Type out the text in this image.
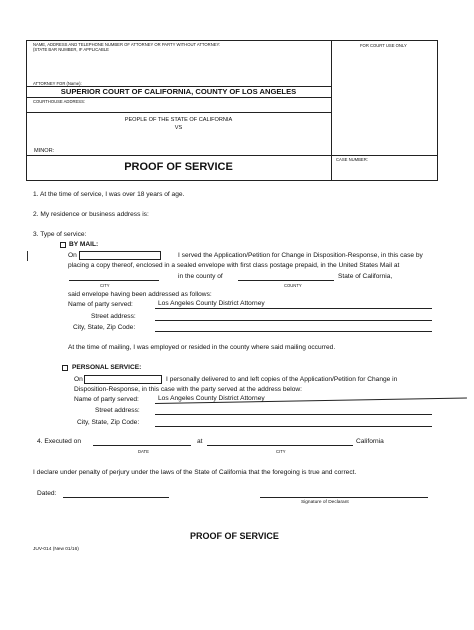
NAME, ADDRESS AND TELEPHONE NUMBER OF ATTORNEY OR PARTY WITHOUT ATTORNEY:
(STATE BAR NUMBER, IF APPLICABLE
FOR COURT USE ONLY
ATTORNEY FOR (Name):
SUPERIOR COURT OF CALIFORNIA, COUNTY OF LOS ANGELES
COURTHOUSE ADDRESS:
PEOPLE OF THE STATE OF CALIFORNIA
VS
MINOR:
CASE NUMBER:
PROOF OF SERVICE
1. At the time of service, I was over 18 years of age.
2. My residence or business address is:
3. Type of service:
BY MAIL:
On	I served the Application/Petition for Change in Disposition-Response, in this case by
placing a copy thereof, enclosed in a sealed envelope with first class postage prepaid, in the United States Mail at
in the county of	State of California,
CITY	COUNTY
said envelope having been addressed as follows:
Name of party served:	Los Angeles County District Attorney
Street address:
City, State, Zip Code:
At the time of mailing, I was employed or resided in the county where said mailing occurred.
PERSONAL SERVICE:
On	I personally delivered to and left copies of the Application/Petition for Change in
Disposition-Response, in this case with the party served at the address below:
Name of party served:	Los Angeles County District Attorney
Street address:
City, State, Zip Code:
4. Executed on	at	California
DATE	CITY
I declare under penalty of perjury under the laws of the State of California that the foregoing is true and correct.
Dated:
Signature of Declarant
PROOF OF SERVICE
JUV-014 (New 01/16)
